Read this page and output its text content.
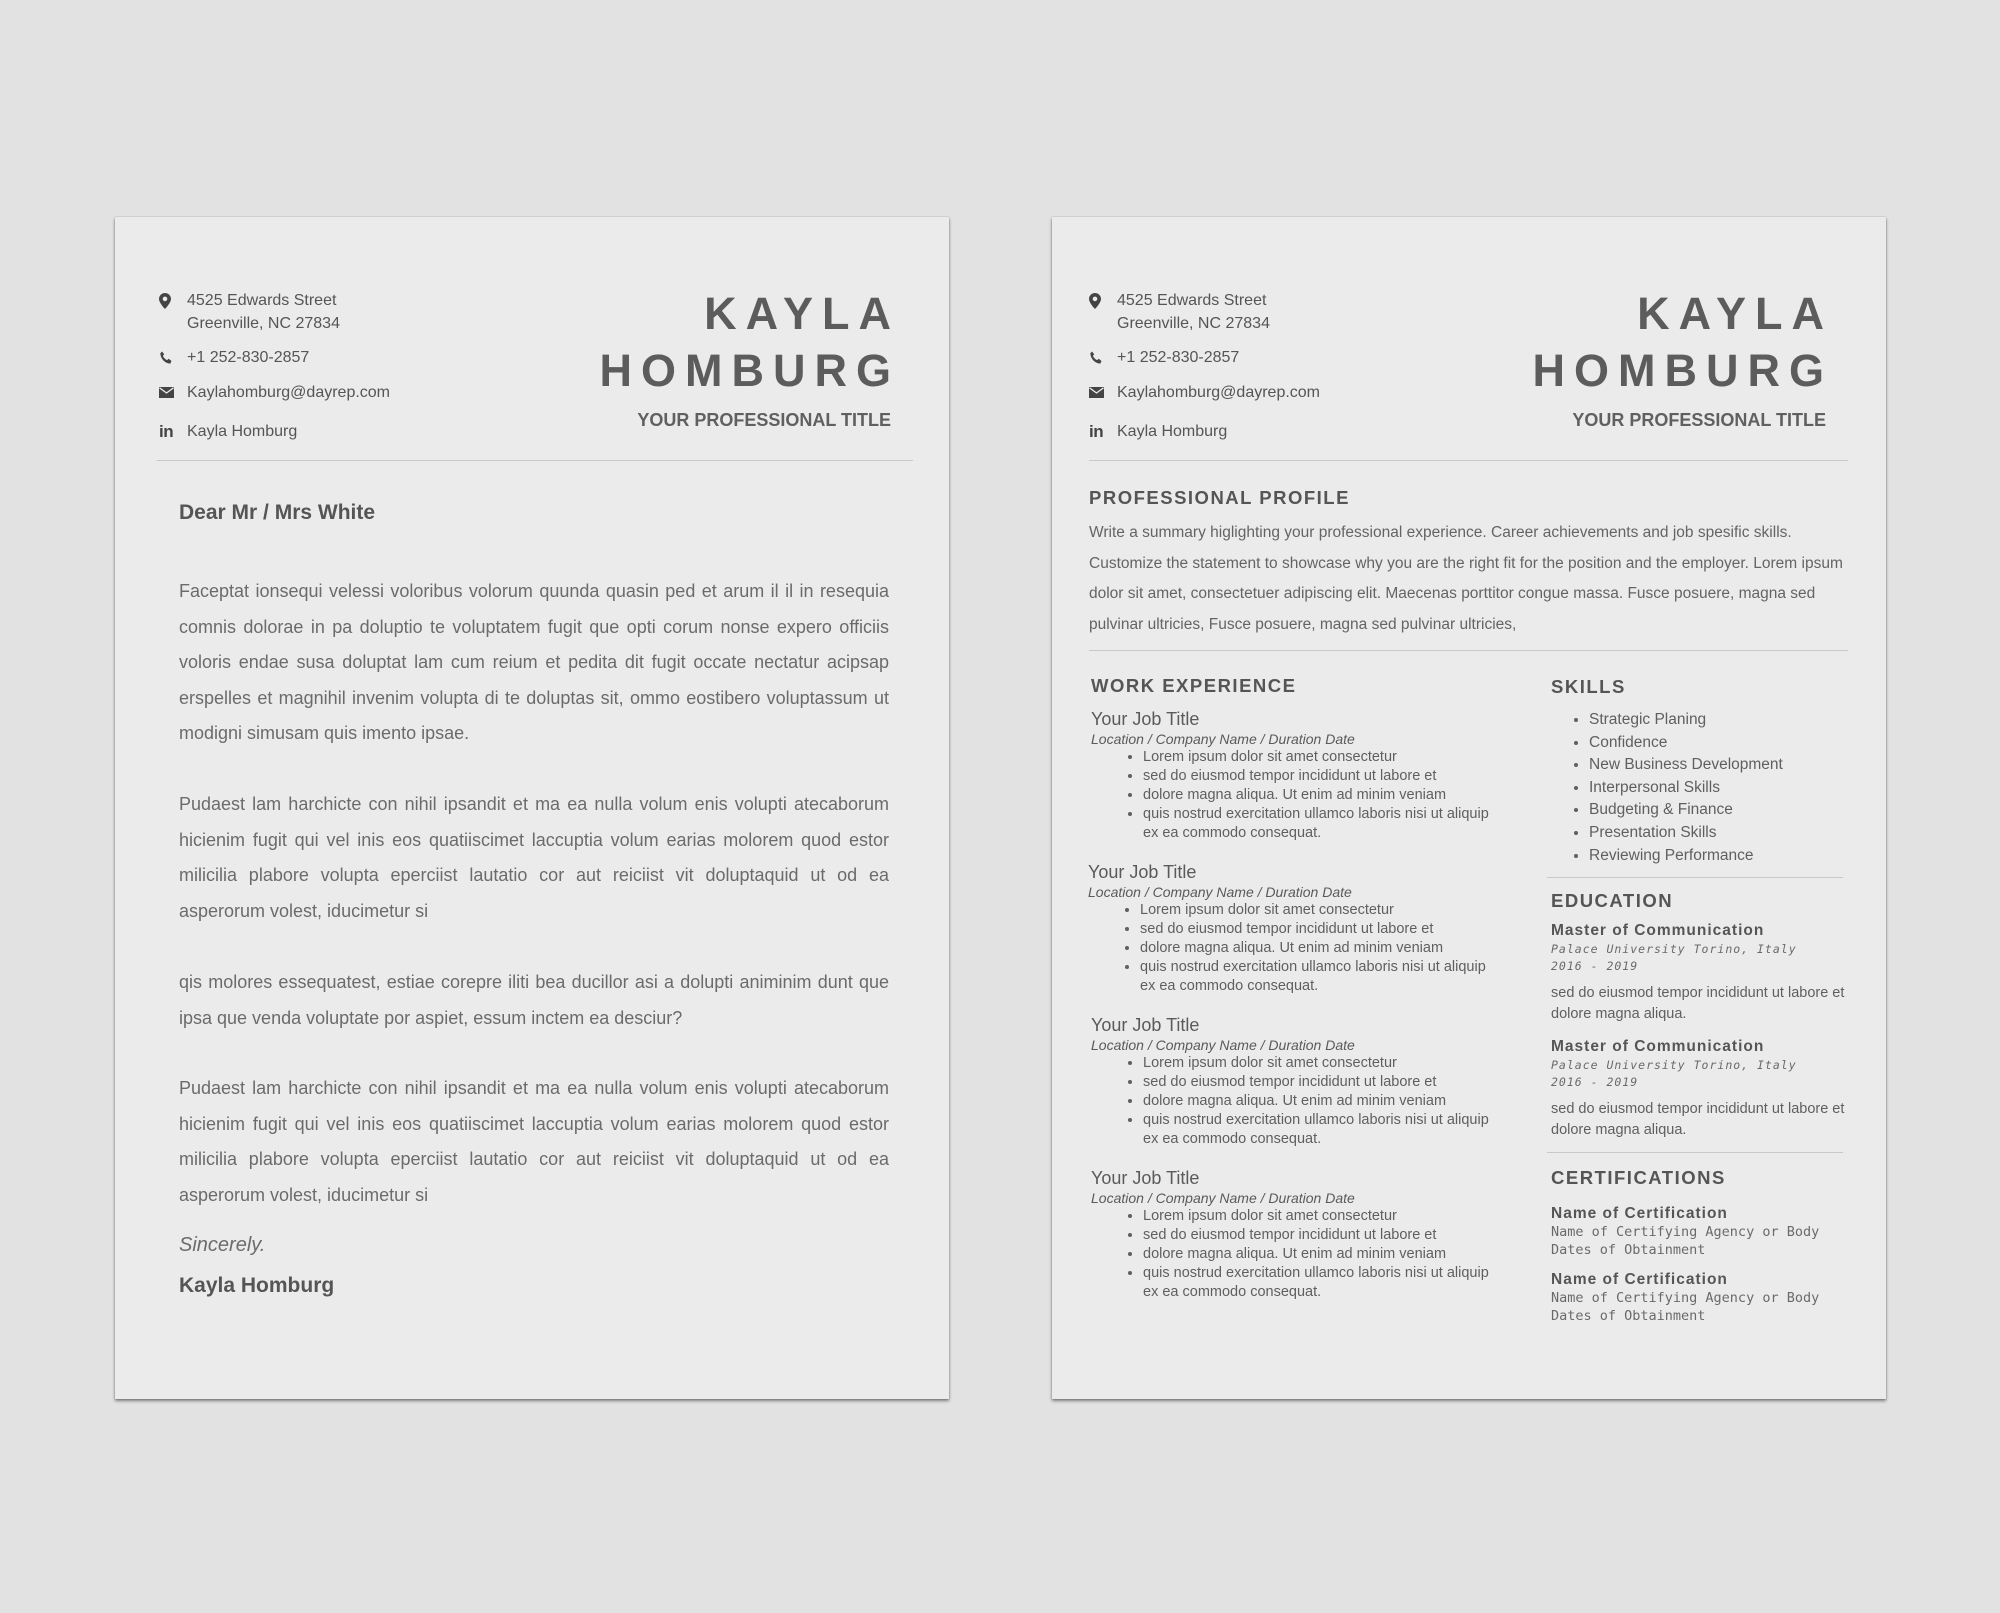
4525 Edwards Street
Greenville, NC 27834
+1 252-830-2857
Kaylahomburg@dayrep.com
in Kayla Homburg
KAYLA
HOMBURG
YOUR PROFESSIONAL TITLE
Dear Mr / Mrs White
Faceptat ionsequi velessi voloribus volorum quunda quasin ped et arum il il in resequia comnis dolorae in pa doluptio te voluptatem fugit que opti corum nonse expero officiis voloris endae susa doluptat lam cum reium et pedita dit fugit occate nectatur acipsap erspelles et magnihil invenim volupta di te doluptas sit, ommo eostibero voluptassum ut modigni simusam quis imento ipsae.
Pudaest lam harchicte con nihil ipsandit et ma ea nulla volum enis volupti atecaborum hicienim fugit qui vel inis eos quatiiscimet laccuptia volum earias molorem quod estor milicilia plabore volupta eperciist lautatio cor aut reiciist vit doluptaquid ut od ea asperorum volest, iducimetur si
qis molores essequatest, estiae corepre iliti bea ducillor asi a dolupti animinim dunt que ipsa que venda voluptate por aspiet, essum inctem ea desciur?
Pudaest lam harchicte con nihil ipsandit et ma ea nulla volum enis volupti atecaborum hicienim fugit qui vel inis eos quatiiscimet laccuptia volum earias molorem quod estor milicilia plabore volupta eperciist lautatio cor aut reiciist vit doluptaquid ut od ea asperorum volest, iducimetur si
Sincerely.
Kayla Homburg
4525 Edwards Street
Greenville, NC 27834
+1 252-830-2857
Kaylahomburg@dayrep.com
in Kayla Homburg
KAYLA
HOMBURG
YOUR PROFESSIONAL TITLE
PROFESSIONAL PROFILE
Write a summary higlighting your professional experience. Career achievements and job spesific skills. Customize the statement to showcase why you are the right fit for the position and the employer. Lorem ipsum dolor sit amet, consectetuer adipiscing elit. Maecenas porttitor congue massa. Fusce posuere, magna sed pulvinar ultricies, Fusce posuere, magna sed pulvinar ultricies,
WORK EXPERIENCE
Your Job Title
Location / Company Name / Duration Date
• Lorem ipsum dolor sit amet consectetur
• sed do eiusmod tempor incididunt ut labore et
• dolore magna aliqua. Ut enim ad minim veniam
• quis nostrud exercitation ullamco laboris nisi ut aliquip ex ea commodo consequat.
Your Job Title
Location / Company Name / Duration Date
• Lorem ipsum dolor sit amet consectetur
• sed do eiusmod tempor incididunt ut labore et
• dolore magna aliqua. Ut enim ad minim veniam
• quis nostrud exercitation ullamco laboris nisi ut aliquip ex ea commodo consequat.
Your Job Title
Location / Company Name / Duration Date
• Lorem ipsum dolor sit amet consectetur
• sed do eiusmod tempor incididunt ut labore et
• dolore magna aliqua. Ut enim ad minim veniam
• quis nostrud exercitation ullamco laboris nisi ut aliquip ex ea commodo consequat.
Your Job Title
Location / Company Name / Duration Date
• Lorem ipsum dolor sit amet consectetur
• sed do eiusmod tempor incididunt ut labore et
• dolore magna aliqua. Ut enim ad minim veniam
• quis nostrud exercitation ullamco laboris nisi ut aliquip ex ea commodo consequat.
SKILLS
• Strategic Planing
• Confidence
• New Business Development
• Interpersonal Skills
• Budgeting & Finance
• Presentation Skills
• Reviewing Performance
EDUCATION
Master of Communication
Palace University Torino, Italy
2016 - 2019
sed do eiusmod tempor incididunt ut labore et dolore magna aliqua.
Master of Communication
Palace University Torino, Italy
2016 - 2019
sed do eiusmod tempor incididunt ut labore et dolore magna aliqua.
CERTIFICATIONS
Name of Certification
Name of Certifying Agency or Body
Dates of Obtainment
Name of Certification
Name of Certifying Agency or Body
Dates of Obtainment
